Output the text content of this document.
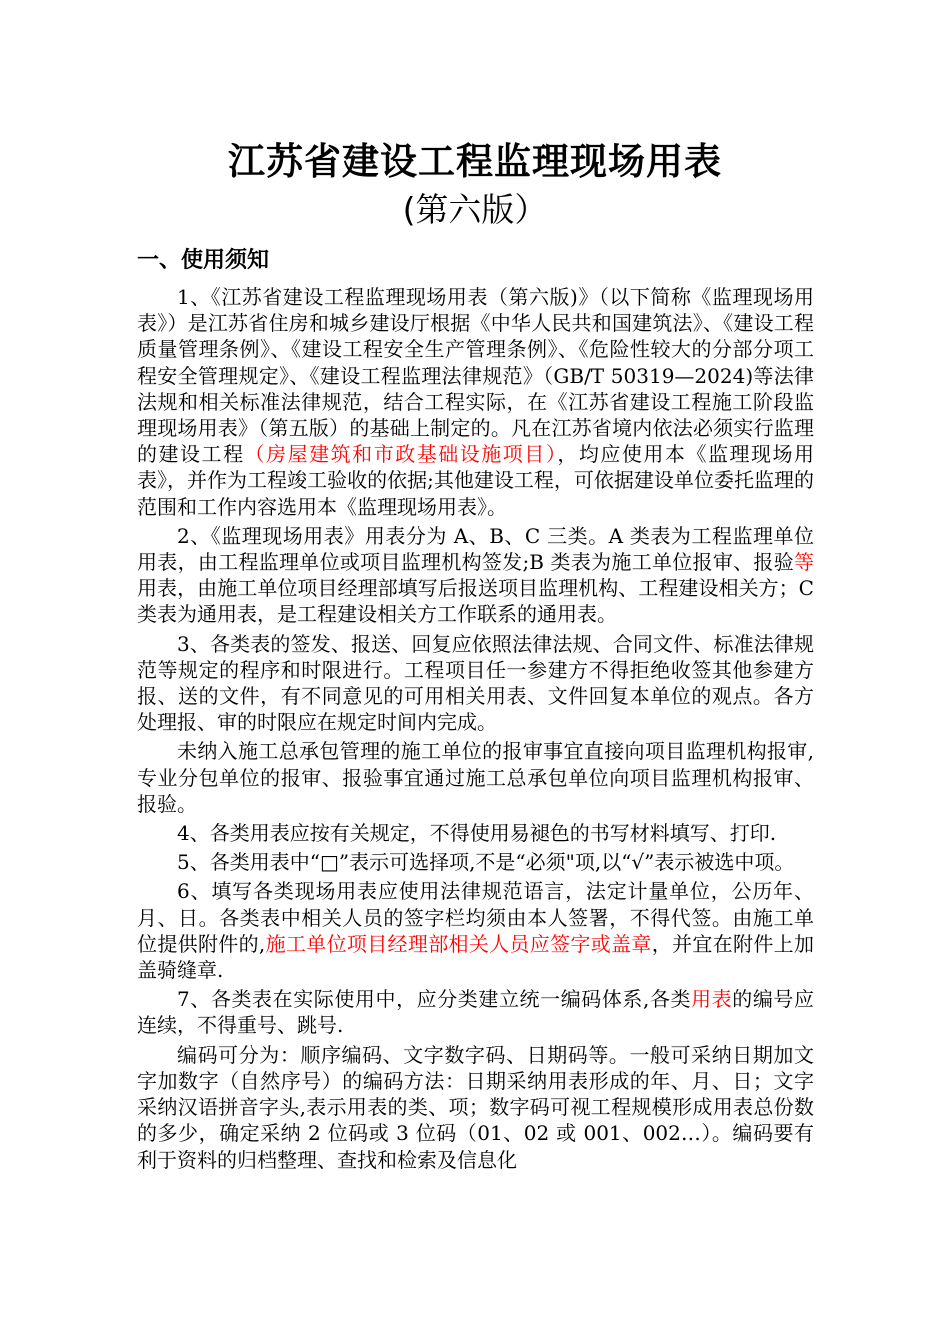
江苏省建设工程监理现场用表
(第六版）
一、使用须知

1、《江苏省建设工程监理现场用表（第六版)》（以下简称《监理现场用表》）是江苏省住房和城乡建设厅根据《中华人民共和国建筑法》、《建设工程质量管理条例》、《建设工程安全生产管理条例》、《危险性较大的分部分项工程安全管理规定》、《建设工程监理法律规范》（GB/T 50319—2024)等法律法规和相关标准法律规范，结合工程实际，在《江苏省建设工程施工阶段监理现场用表》（第五版）的基础上制定的。凡在江苏省境内依法必须实行监理的建设工程（房屋建筑和市政基础设施项目），均应使用本《监理现场用表》，并作为工程竣工验收的依据;其他建设工程，可依据建设单位委托监理的范围和工作内容选用本《监理现场用表》。

2、《监理现场用表》用表分为 A、B、C 三类。A 类表为工程监理单位用表，由工程监理单位或项目监理机构签发;B 类表为施工单位报审、报验等用表，由施工单位项目经理部填写后报送项目监理机构、工程建设相关方；C 类表为通用表，是工程建设相关方工作联系的通用表。

3、各类表的签发、报送、回复应依照法律法规、合同文件、标准法律规范等规定的程序和时限进行。工程项目任一参建方不得拒绝收签其他参建方报、送的文件，有不同意见的可用相关用表、文件回复本单位的观点。各方处理报、审的时限应在规定时间内完成。

未纳入施工总承包管理的施工单位的报审事宜直接向项目监理机构报审,专业分包单位的报审、报验事宜通过施工总承包单位向项目监理机构报审、报验。

4、各类用表应按有关规定，不得使用易褪色的书写材料填写、打印.

5、各类用表中“□”表示可选择项,不是“必须"项,以“√”表示被选中项。

6、填写各类现场用表应使用法律规范语言，法定计量单位，公历年、月、日。各类表中相关人员的签字栏均须由本人签署，不得代签。由施工单位提供附件的,施工单位项目经理部相关人员应签字或盖章，并宜在附件上加盖骑缝章.

7、各类表在实际使用中，应分类建立统一编码体系,各类用表的编号应连续，不得重号、跳号.

编码可分为：顺序编码、文字数字码、日期码等。一般可采纳日期加文字加数字（自然序号）的编码方法：日期采纳用表形成的年、月、日；文字采纳汉语拼音字头,表示用表的类、项；数字码可视工程规模形成用表总份数的多少，确定采纳 2 位码或 3 位码（01、02 或 001、002…）。编码要有利于资料的归档整理、查找和检索及信息化
